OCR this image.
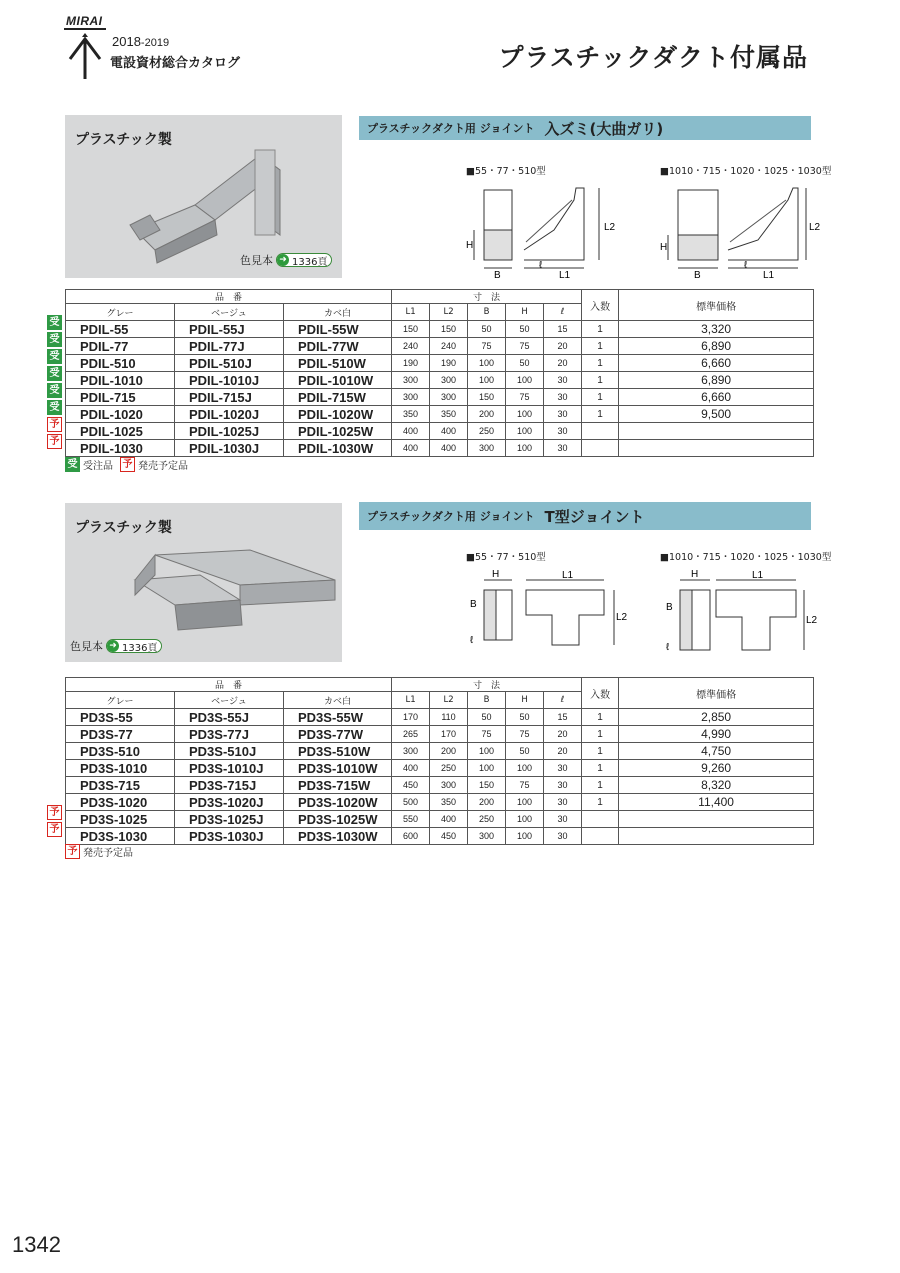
MIRAI
2018-2019
電設資材総合カタログ	プラスチックダクト付属品
プラスチック製
色見本 ➜ 1336頁
プラスチックダクト用 ジョイント 入ズミ(大曲ガリ)
■55・77・510型	■1010・715・1020・1025・1030型
L2
H
B	L1
ℓ
L2
H
B	L1
ℓ
品　番			寸　法					入数	標準価格
グレー	ベージュ	カベ白	L1	L2	B	H	ℓ		
PDIL-55	PDIL-55J	PDIL-55W	150	150	50	50	15	1	3,320
PDIL-77	PDIL-77J	PDIL-77W	240	240	75	75	20	1	6,890
PDIL-510	PDIL-510J	PDIL-510W	190	190	100	50	20	1	6,660
PDIL-1010	PDIL-1010J	PDIL-1010W	300	300	100	100	30	1	6,890
PDIL-715	PDIL-715J	PDIL-715W	300	300	150	75	30	1	6,660
PDIL-1020	PDIL-1020J	PDIL-1020W	350	350	200	100	30	1	9,500
PDIL-1025	PDIL-1025J	PDIL-1025W	400	400	250	100	30		
PDIL-1030	PDIL-1030J	PDIL-1030W	400	400	300	100	30		
受 受注品 予 発売予定品
プラスチック製
色見本 ➜ 1336頁
プラスチックダクト用 ジョイント T型ジョイント
■55・77・510型	■1010・715・1020・1025・1030型
L1
L2
H
B
ℓ
L1
L2
H
B
ℓ
品　番			寸　法					入数	標準価格
グレー	ベージュ	カベ白	L1	L2	B	H	ℓ		
PD3S-55	PD3S-55J	PD3S-55W	170	110	50	50	15	1	2,850
PD3S-77	PD3S-77J	PD3S-77W	265	170	75	75	20	1	4,990
PD3S-510	PD3S-510J	PD3S-510W	300	200	100	50	20	1	4,750
PD3S-1010	PD3S-1010J	PD3S-1010W	400	250	100	100	30	1	9,260
PD3S-715	PD3S-715J	PD3S-715W	450	300	150	75	30	1	8,320
PD3S-1020	PD3S-1020J	PD3S-1020W	500	350	200	100	30	1	11,400
PD3S-1025	PD3S-1025J	PD3S-1025W	550	400	250	100	30		
PD3S-1030	PD3S-1030J	PD3S-1030W	600	450	300	100	30		
予 発売予定品
1342
受
受
受
受
受
受
予
予
予
予
